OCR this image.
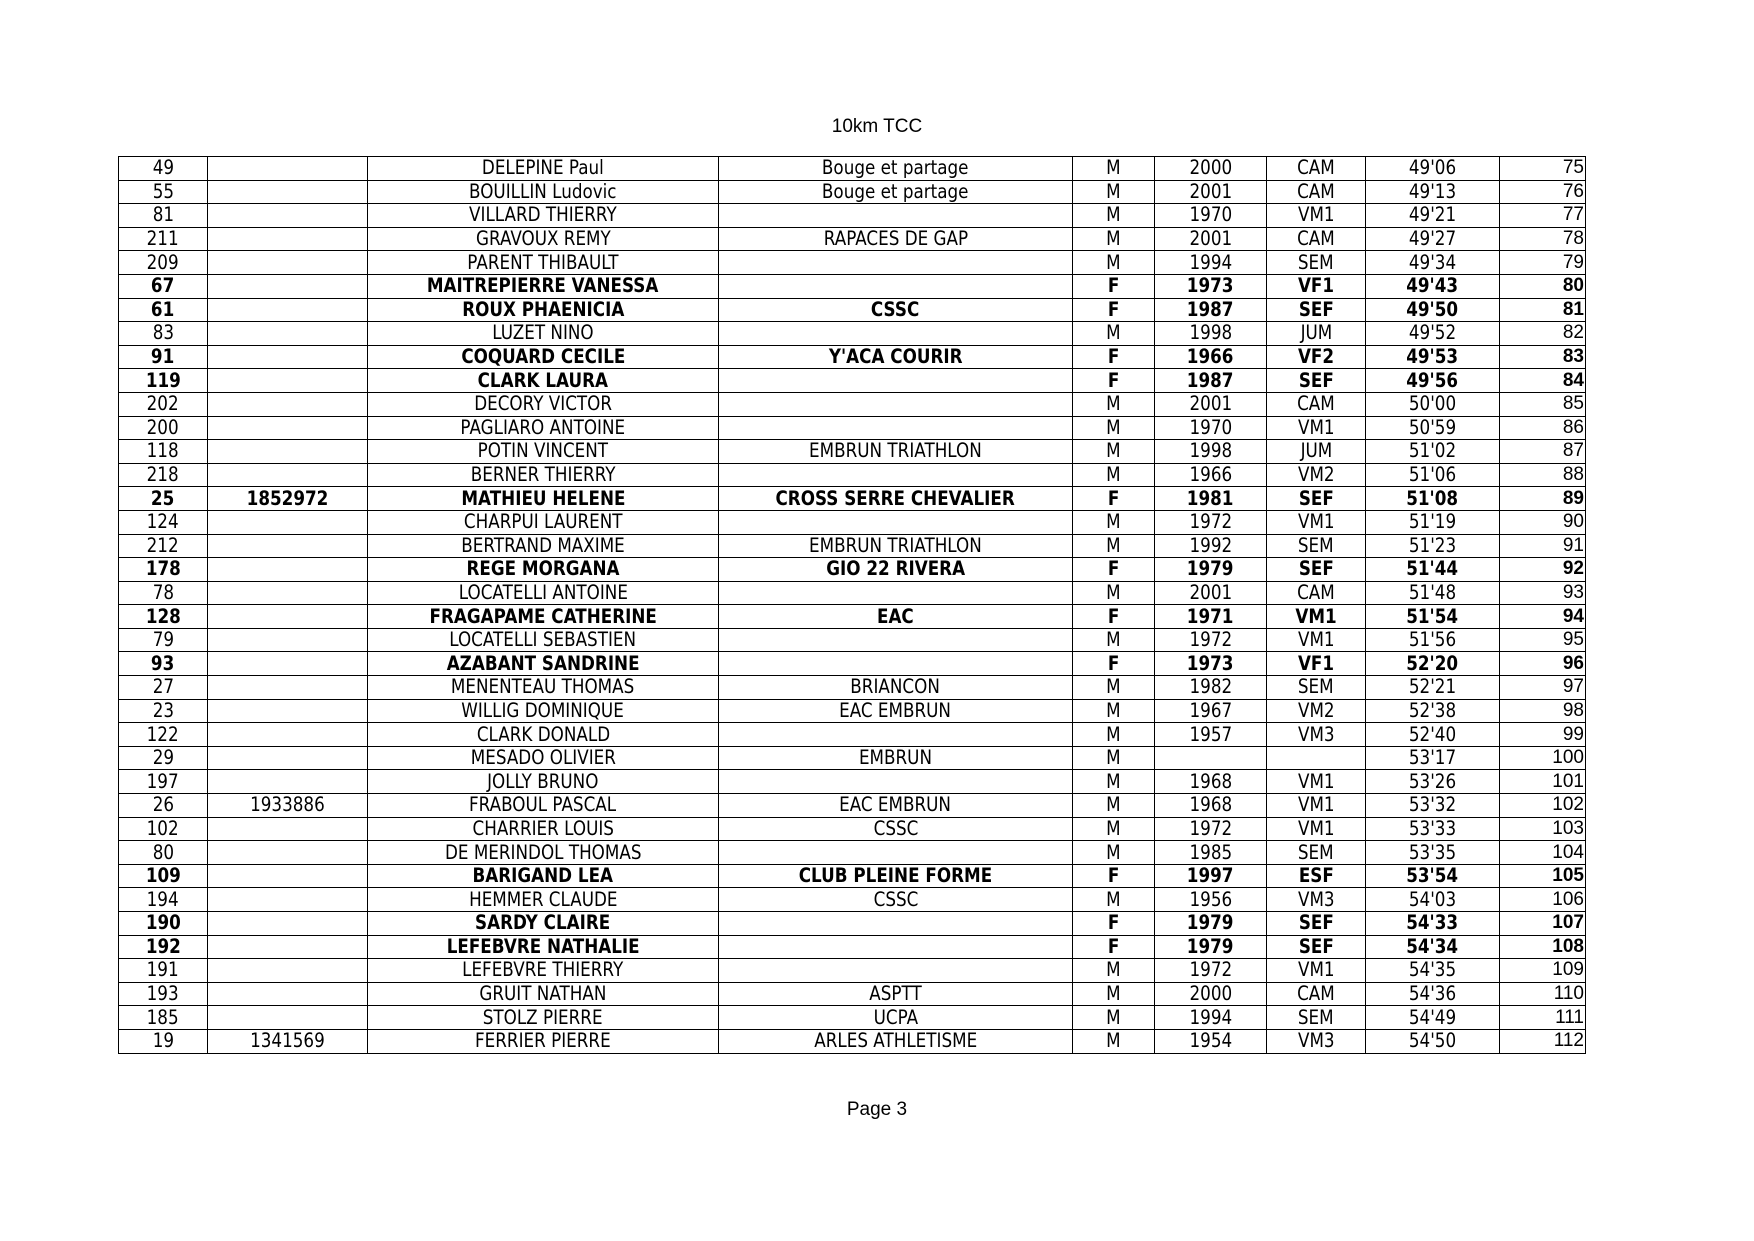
10km TCC
49		DELEPINE Paul	Bouge et partage	M	2000	CAM	49'06	75
55		BOUILLIN Ludovic	Bouge et partage	M	2001	CAM	49'13	76
81		VILLARD THIERRY		M	1970	VM1	49'21	77
211		GRAVOUX REMY	RAPACES DE GAP	M	2001	CAM	49'27	78
209		PARENT THIBAULT		M	1994	SEM	49'34	79
67		MAITREPIERRE VANESSA		F	1973	VF1	49'43	80
61		ROUX PHAENICIA	CSSC	F	1987	SEF	49'50	81
83		LUZET NINO		M	1998	JUM	49'52	82
91		COQUARD CECILE	Y'ACA COURIR	F	1966	VF2	49'53	83
119		CLARK LAURA		F	1987	SEF	49'56	84
202		DECORY VICTOR		M	2001	CAM	50'00	85
200		PAGLIARO ANTOINE		M	1970	VM1	50'59	86
118		POTIN VINCENT	EMBRUN TRIATHLON	M	1998	JUM	51'02	87
218		BERNER THIERRY		M	1966	VM2	51'06	88
25	1852972	MATHIEU HELENE	CROSS SERRE CHEVALIER	F	1981	SEF	51'08	89
124		CHARPUI LAURENT		M	1972	VM1	51'19	90
212		BERTRAND MAXIME	EMBRUN TRIATHLON	M	1992	SEM	51'23	91
178		REGE MORGANA	GIO 22 RIVERA	F	1979	SEF	51'44	92
78		LOCATELLI ANTOINE		M	2001	CAM	51'48	93
128		FRAGAPAME CATHERINE	EAC	F	1971	VM1	51'54	94
79		LOCATELLI SEBASTIEN		M	1972	VM1	51'56	95
93		AZABANT SANDRINE		F	1973	VF1	52'20	96
27		MENENTEAU THOMAS	BRIANCON	M	1982	SEM	52'21	97
23		WILLIG DOMINIQUE	EAC EMBRUN	M	1967	VM2	52'38	98
122		CLARK DONALD		M	1957	VM3	52'40	99
29		MESADO OLIVIER	EMBRUN	M			53'17	100
197		JOLLY BRUNO		M	1968	VM1	53'26	101
26	1933886	FRABOUL PASCAL	EAC EMBRUN	M	1968	VM1	53'32	102
102		CHARRIER LOUIS	CSSC	M	1972	VM1	53'33	103
80		DE MERINDOL THOMAS		M	1985	SEM	53'35	104
109		BARIGAND LEA	CLUB PLEINE FORME	F	1997	ESF	53'54	105
194		HEMMER CLAUDE	CSSC	M	1956	VM3	54'03	106
190		SARDY CLAIRE		F	1979	SEF	54'33	107
192		LEFEBVRE NATHALIE		F	1979	SEF	54'34	108
191		LEFEBVRE THIERRY		M	1972	VM1	54'35	109
193		GRUIT NATHAN	ASPTT	M	2000	CAM	54'36	110
185		STOLZ PIERRE	UCPA	M	1994	SEM	54'49	111
19	1341569	FERRIER PIERRE	ARLES ATHLETISME	M	1954	VM3	54'50	112
Page 3
